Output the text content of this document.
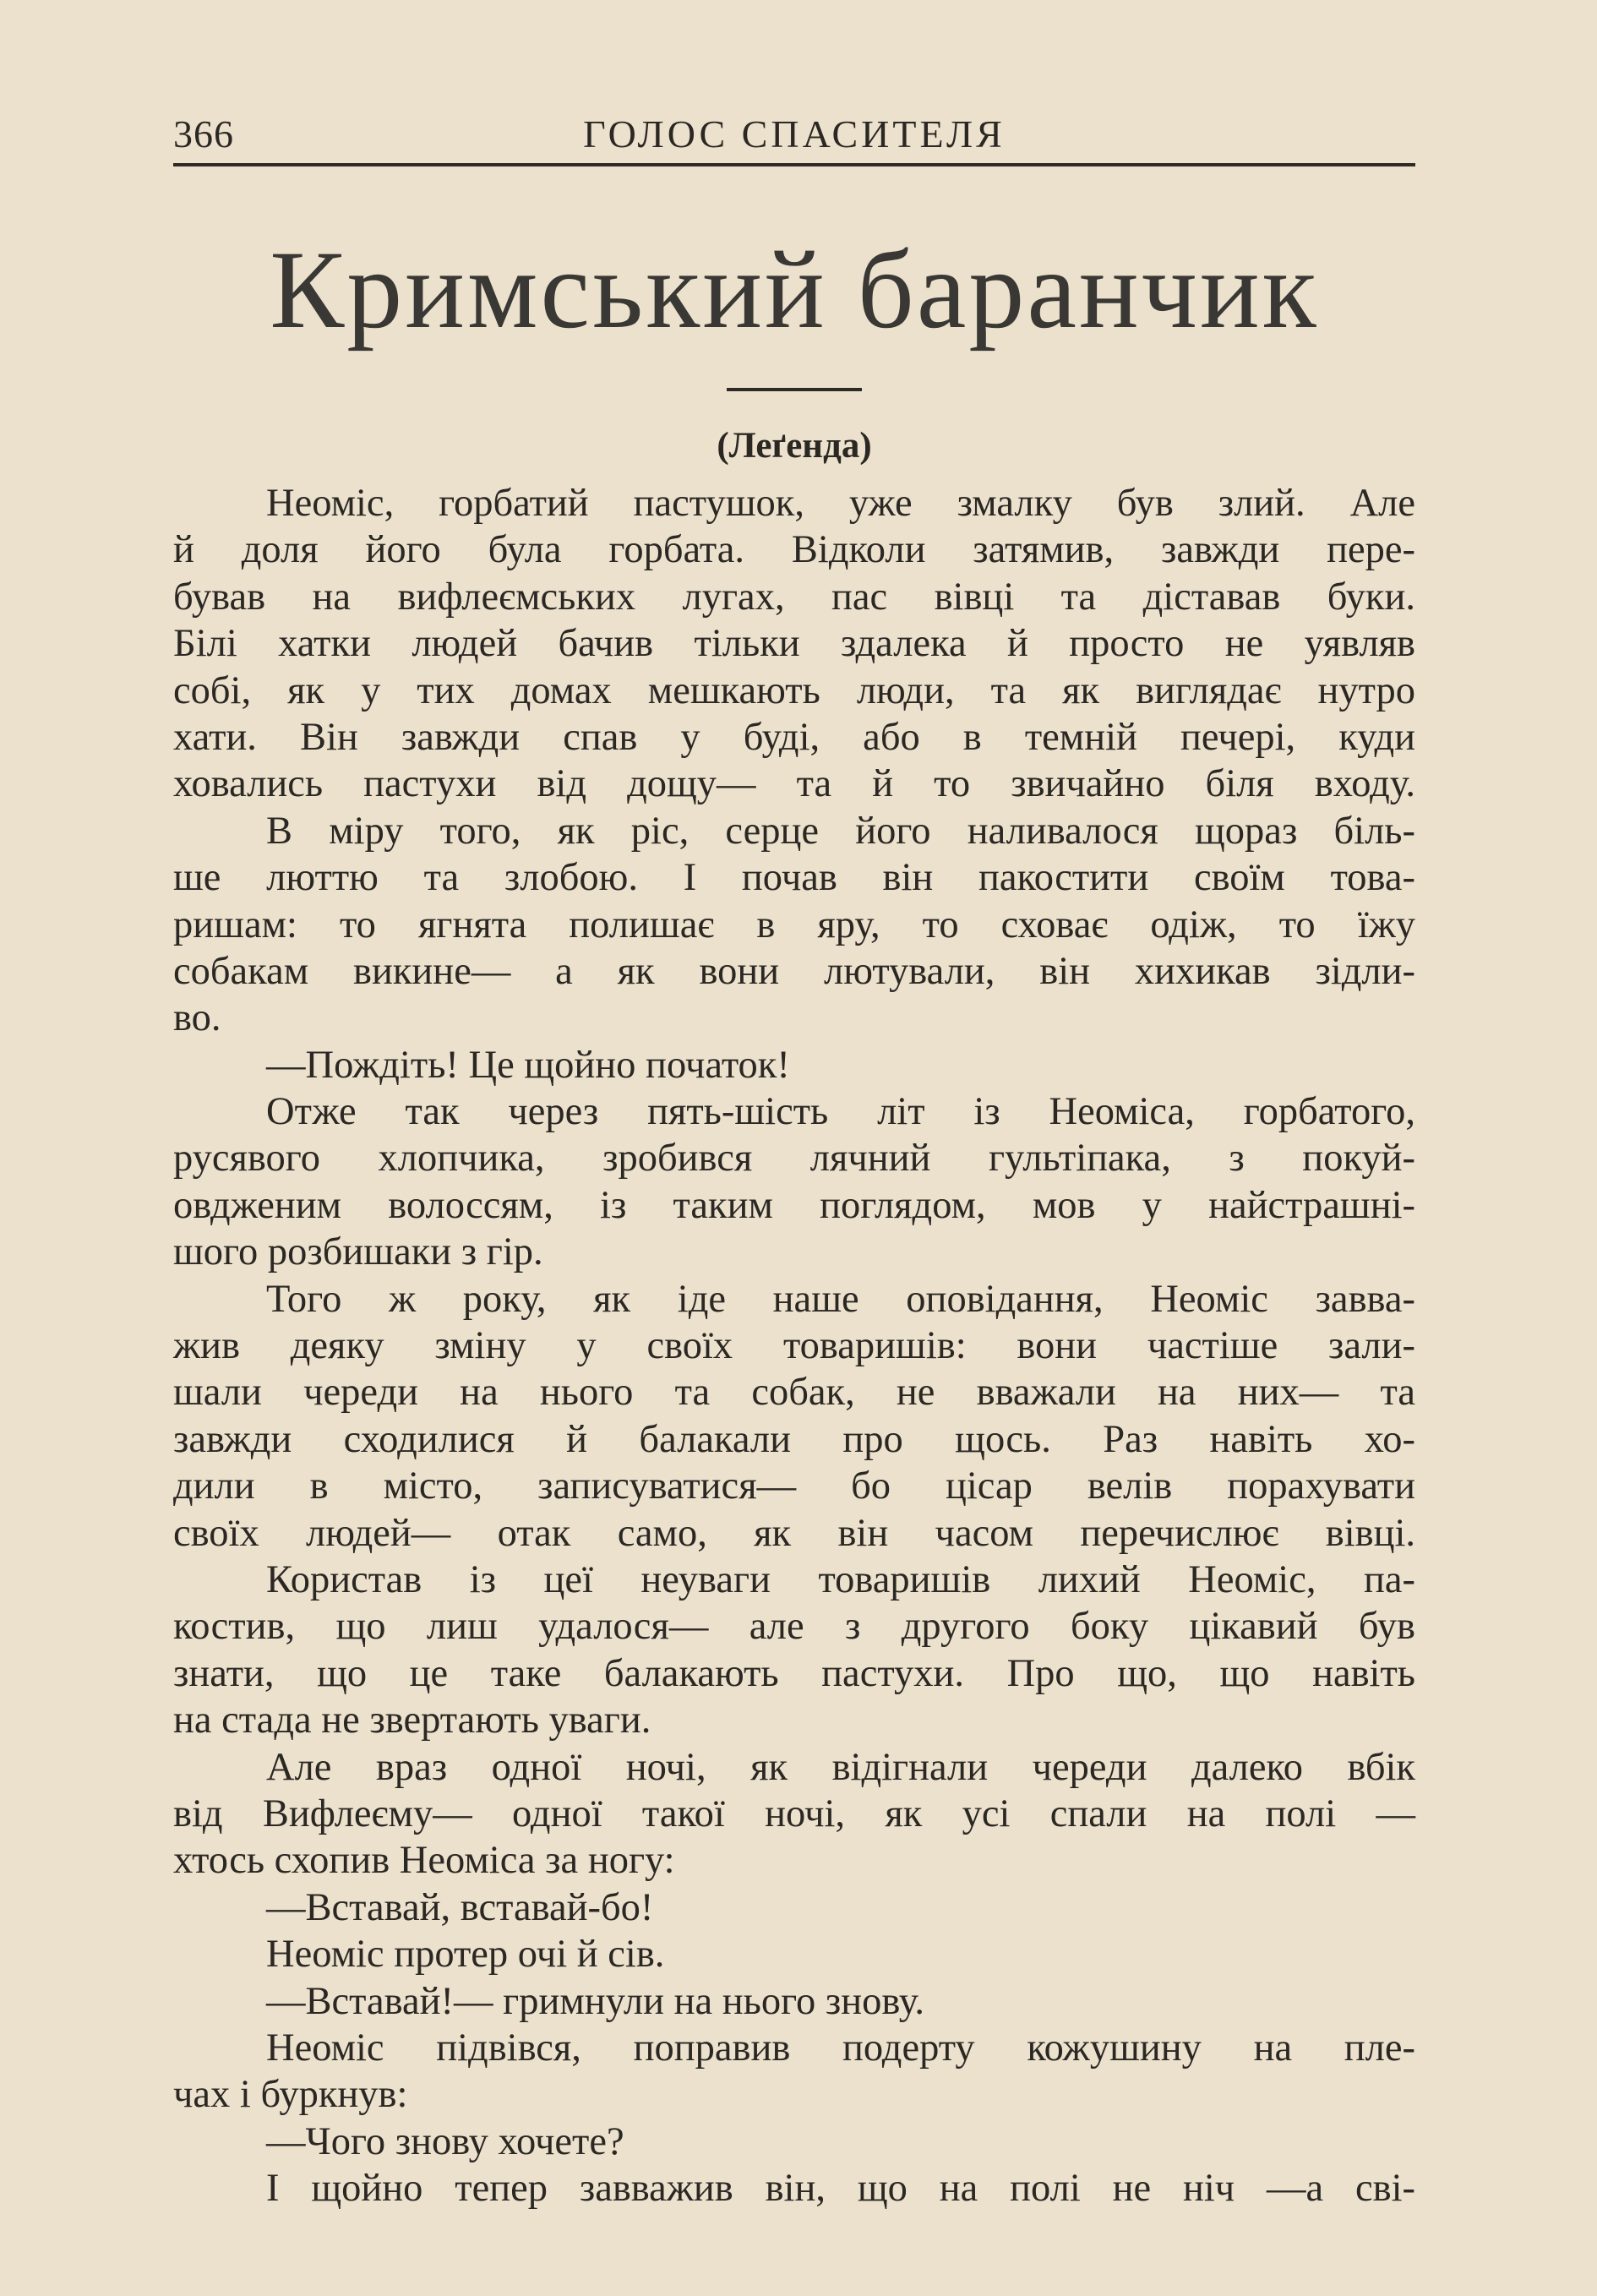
366	ГОЛОС СПАСИТЕЛЯ
Кримський баранчик
(Леґенда)
Неоміс, горбатий пастушок, уже змалку був злий. Але
й доля його була горбата. Відколи затямив, завжди пере-
бував на вифлеємських лугах, пас вівці та діставав буки.
Білі хатки людей бачив тільки здалека й просто не уявляв
собі, як у тих домах мешкають люди, та як виглядає нутро
хати. Він завжди спав у буді, або в темній печері, куди
ховались пастухи від дощу— та й то звичайно біля входу.
В міру того, як ріс, серце його наливалося щораз біль-
ше люттю та злобою. І почав він пакостити своїм това-
ришам: то ягнята полишає в яру, то сховає одіж, то їжу
собакам викине— а як вони лютували, він хихикав зідли-
во.
—Пождіть! Це щойно початок!
Отже так через пять-шість літ із Неоміса, горбатого,
русявого хлопчика, зробився лячний гультіпака, з покуй-
овдженим волоссям, із таким поглядом, мов у найстрашні-
шого розбишаки з гір.
Того ж року, як іде наше оповідання, Неоміс завва-
жив деяку зміну у своїх товаришів: вони частіше зали-
шали череди на нього та собак, не вважали на них— та
завжди сходилися й балакали про щось. Раз навіть хо-
дили в місто, записуватися— бо цісар велів порахувати
своїх людей— отак само, як він часом перечислює вівці.
Користав із цеї неуваги товаришів лихий Неоміс, па-
костив, що лиш удалося— але з другого боку цікавий був
знати, що це таке балакають пастухи. Про що, що навіть
на стада не звертають уваги.
Але враз одної ночі, як відігнали череди далеко вбік
від Вифлеєму— одної такої ночі, як усі спали на полі —
хтось схопив Неоміса за ногу:
—Вставай, вставай-бо!
Неоміс протер очі й сів.
—Вставай!— гримнули на нього знову.
Неоміс підвівся, поправив подерту кожушину на пле-
чах і буркнув:
—Чого знову хочете?
І щойно тепер завважив він, що на полі не ніч —а сві-
